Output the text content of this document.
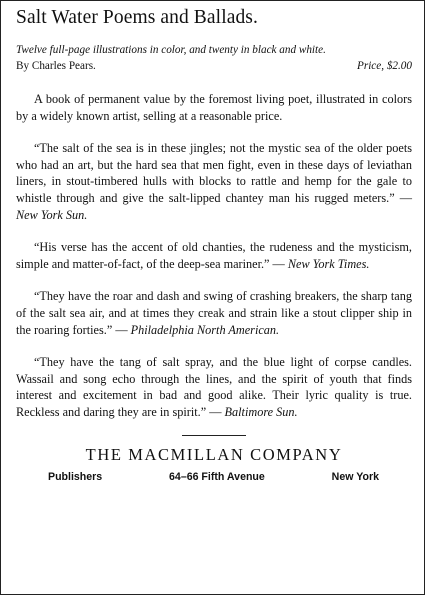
Salt Water Poems and Ballads.

Twelve full-page illustrations in color, and twenty in black and white.

By Charles Pears.	Price, $2.00

A book of permanent value by the foremost living poet, illustrated in colors by a widely known artist, selling at a reasonable price.

“The salt of the sea is in these jingles; not the mystic sea of the older poets who had an art, but the hard sea that men fight, even in these days of leviathan liners, in stout-timbered hulls with blocks to rattle and hemp for the gale to whistle through and give the salt-lipped chantey man his rugged meters.” — New York Sun.

“His verse has the accent of old chanties, the rudeness and the mysticism, simple and matter-of-fact, of the deep-sea mariner.” — New York Times.

“They have the roar and dash and swing of crashing breakers, the sharp tang of the salt sea air, and at times they creak and strain like a stout clipper ship in the roaring forties.” — Philadelphia North American.

“They have the tang of salt spray, and the blue light of corpse candles. Wassail and song echo through the lines, and the spirit of youth that finds interest and excitement in bad and good alike. Their lyric quality is true. Reckless and daring they are in spirit.” — Baltimore Sun.

THE MACMILLAN COMPANY
Publishers	64–66 Fifth Avenue	New York
